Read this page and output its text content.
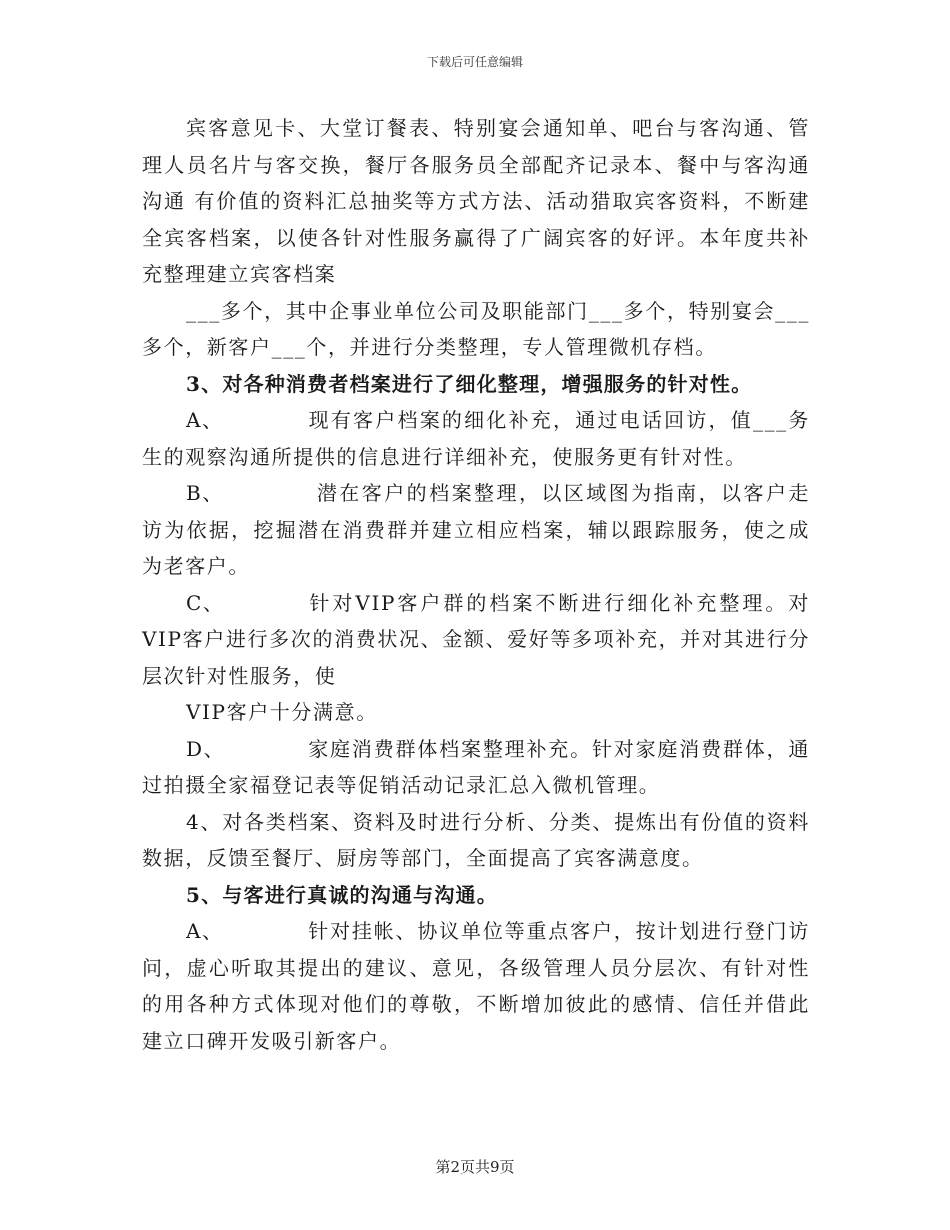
下载后可任意编辑

宾客意见卡、大堂订餐表、特别宴会通知单、吧台与客沟通、管理人员名片与客交换，餐厅各服务员全部配齐记录本、餐中与客沟通沟通 有价值的资料汇总抽奖等方式方法、活动猎取宾客资料，不断建全宾客档案，以使各针对性服务赢得了广阔宾客的好评。本年度共补充整理建立宾客档案

___多个，其中企事业单位公司及职能部门___多个，特别宴会___多个，新客户___个，并进行分类整理，专人管理微机存档。

3、对各种消费者档案进行了细化整理，增强服务的针对性。

A、	现有客户档案的细化补充，通过电话回访，值___务生的观察沟通所提供的信息进行详细补充，使服务更有针对性。

B、	潜在客户的档案整理，以区域图为指南，以客户走访为依据，挖掘潜在消费群并建立相应档案，辅以跟踪服务，使之成为老客户。

C、	针对VIP客户群的档案不断进行细化补充整理。对VIP客户进行多次的消费状况、金额、爱好等多项补充，并对其进行分层次针对性服务，使

VIP客户十分满意。

D、	家庭消费群体档案整理补充。针对家庭消费群体，通过拍摄全家福登记表等促销活动记录汇总入微机管理。

4、对各类档案、资料及时进行分析、分类、提炼出有份值的资料数据，反馈至餐厅、厨房等部门，全面提高了宾客满意度。

5、与客进行真诚的沟通与沟通。

A、	针对挂帐、协议单位等重点客户，按计划进行登门访问，虚心听取其提出的建议、意见，各级管理人员分层次、有针对性的用各种方式体现对他们的尊敬，不断增加彼此的感情、信任并借此建立口碑开发吸引新客户。

第2页共9页
